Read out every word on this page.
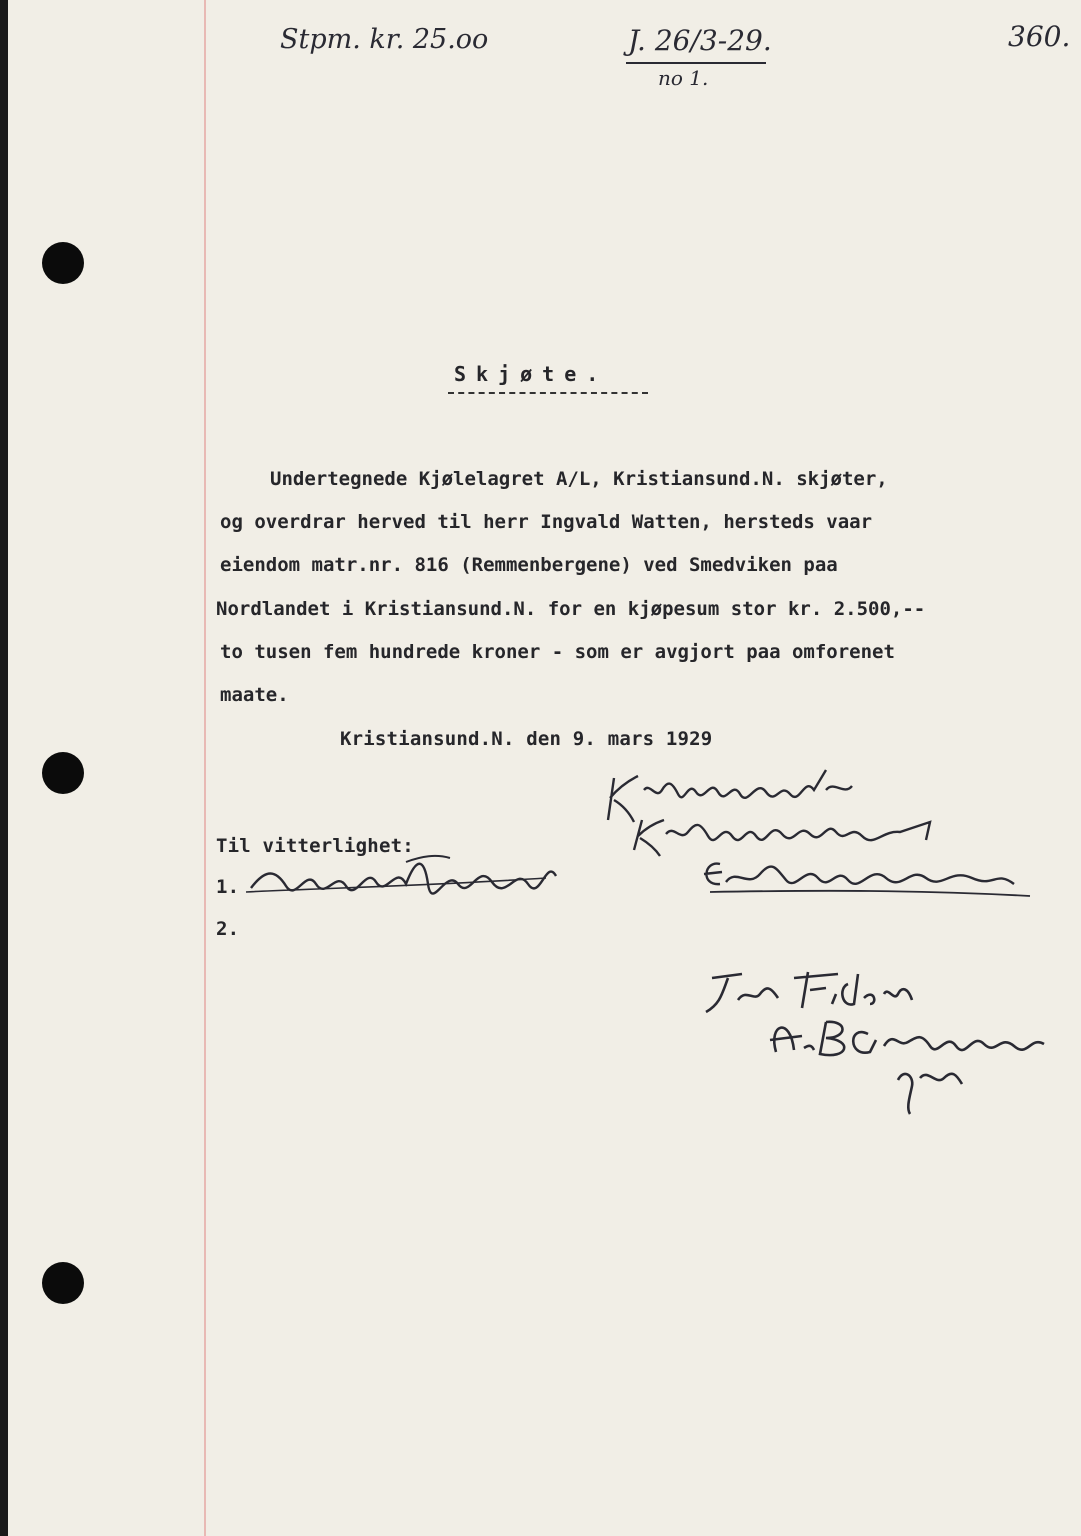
Stpm. kr. 25.oo	J. 26/3-29.
no 1.
360.
Skjøte.
Undertegnede Kjølelagret A/L, Kristiansund.N. skjøter,
og overdrar herved til herr Ingvald Watten, hersteds vaar
eiendom matr.nr. 816 (Remmenbergene) ved Smedviken paa
Nordlandet i Kristiansund.N. for en kjøpesum stor kr. 2.500,--
to tusen fem hundrede kroner - som er avgjort paa omforenet
maate.
Kristiansund.N. den 9. mars 1929
Til vitterlighet:
1.
2.
